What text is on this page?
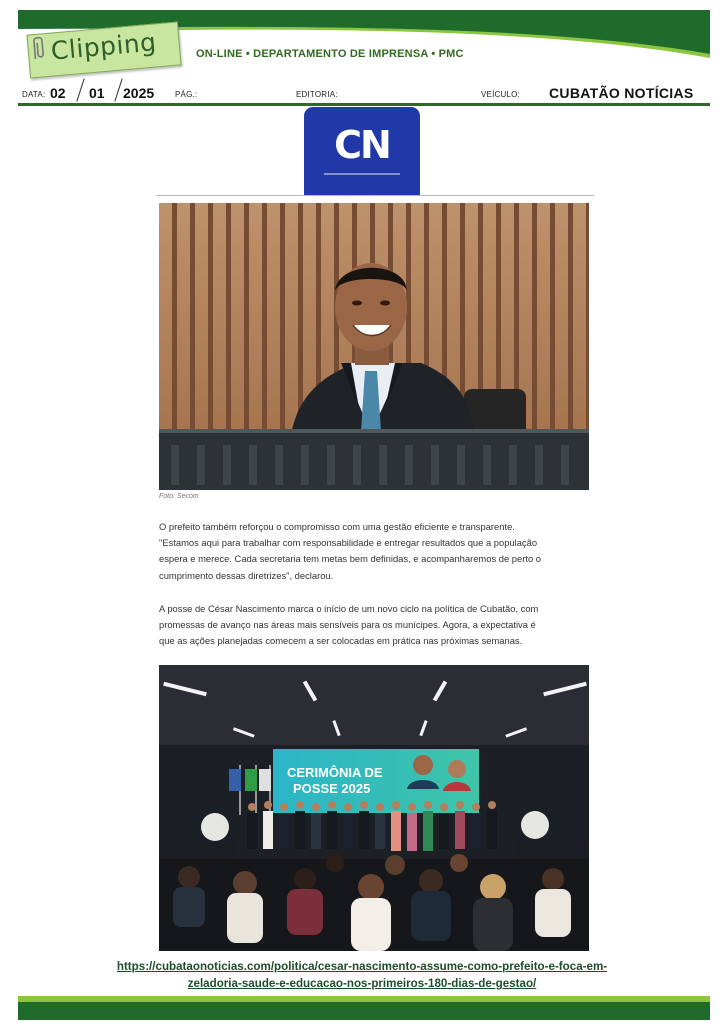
Clipping	ON-LINE • DEPARTAMENTO DE IMPRENSA • PMC
DATA: 02 01 2025	PÁG.:	EDITORIA:	VEÍCULO: CUBATÃO NOTÍCIAS
CN
Foto: Secom

O prefeito também reforçou o compromisso com uma gestão eficiente e transparente.

"Estamos aqui para trabalhar com responsabilidade e entregar resultados que a população

espera e merece. Cada secretaria tem metas bem definidas, e acompanharemos de perto o

cumprimento dessas diretrizes", declarou.

A posse de César Nascimento marca o início de um novo ciclo na política de Cubatão, com

promessas de avanço nas áreas mais sensíveis para os munícipes. Agora, a expectativa é

que as ações planejadas comecem a ser colocadas em prática nas próximas semanas.

CERIMÔNIA DE
POSSE 2025
https://cubataonoticias.com/politica/cesar-nascimento-assume-como-prefeito-e-foca-em-
zeladoria-saude-e-educacao-nos-primeiros-180-dias-de-gestao/
